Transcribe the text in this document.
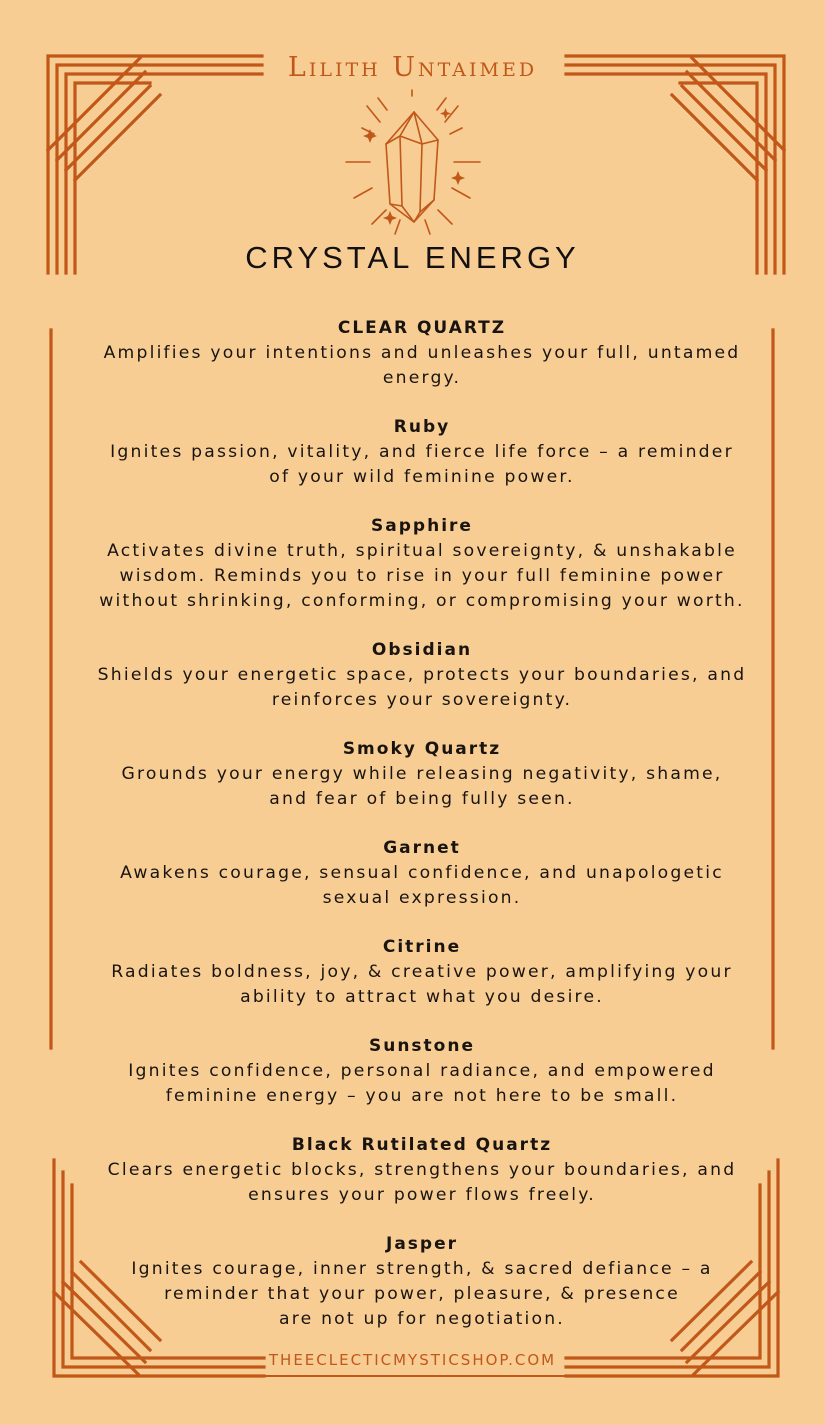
Lilith Untaimed
CRYSTAL ENERGY
CLEAR QUARTZ
Amplifies your intentions and unleashes your full, untamed
energy.
Ruby
Ignites passion, vitality, and fierce life force – a reminder
of your wild feminine power.
Sapphire
Activates divine truth, spiritual sovereignty, & unshakable
wisdom. Reminds you to rise in your full feminine power
without shrinking, conforming, or compromising your worth.
Obsidian
Shields your energetic space, protects your boundaries, and
reinforces your sovereignty.
Smoky Quartz
Grounds your energy while releasing negativity, shame,
and fear of being fully seen.
Garnet
Awakens courage, sensual confidence, and unapologetic
sexual expression.
Citrine
Radiates boldness, joy, & creative power, amplifying your
ability to attract what you desire.
Sunstone
Ignites confidence, personal radiance, and empowered
feminine energy – you are not here to be small.
Black Rutilated Quartz
Clears energetic blocks, strengthens your boundaries, and
ensures your power flows freely.
Jasper
Ignites courage, inner strength, & sacred defiance – a
reminder that your power, pleasure, & presence
are not up for negotiation.
THEECLECTICMYSTICSHOP.COM
